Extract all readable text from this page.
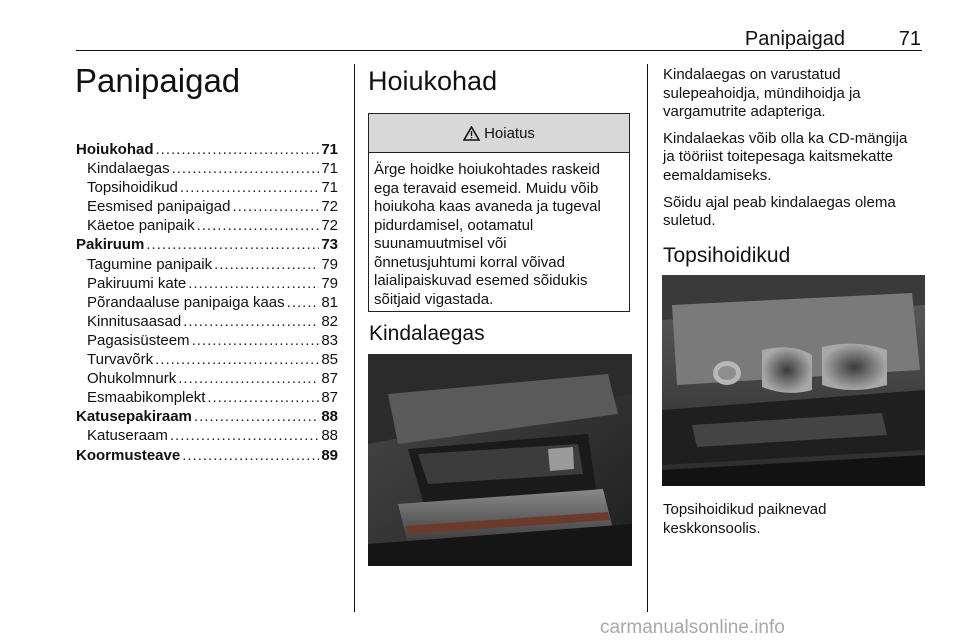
Panipaigad	71
Panipaigad
Hoiukohad .....	71
Kindalaegas .....	71
Topsihoidikud .....	71
Eesmised panipaigad .....	72
Käetoe panipaik .....	72
Pakiruum .....	73
Tagumine panipaik .....	79
Pakiruumi kate .....	79
Põrandaaluse panipaiga kaas ..... 81
Kinnitusaasad .....	82
Pagasisüsteem .....	83
Turvavõrk .....	85
Ohukolmnurk .....	87
Esmaabikomplekt .....	87
Katusepakiraam .....	88
Katuseraam .....	88
Koormusteave .....	89
Hoiukohad
Hoiatus
Ärge hoidke hoiukohtades raskeid
ega teravaid esemeid. Muidu võib
hoiukoha kaas avaneda ja tugeval
pidurdamisel, ootamatul
suunamuutmisel või
õnnetusjuhtumi korral võivad
laialipaiskuvad esemed sõidukis
sõitjaid vigastada.
Kindalaegas

Kindalaegas on varustatud
sulepeahoidja, mündihoidja ja
vargamutrite adapteriga.

Kindalaekas võib olla ka CD-mängija
ja tööriist toitepesaga kaitsmekatte
eemaldamiseks.

Sõidu ajal peab kindalaegas olema
suletud.

Topsihoidikud
Topsihoidikud paiknevad
keskkonsoolis.
carmanualsonline.info
